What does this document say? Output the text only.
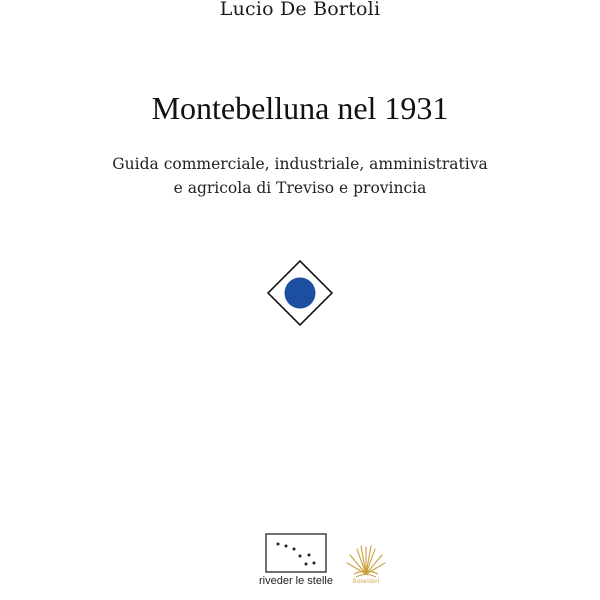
Lucio De Bortoli
Montebelluna nel 1931
Guida commerciale, industriale, amministrativa
e agricola di Treviso e provincia
riveder le stelle	Solelibri
